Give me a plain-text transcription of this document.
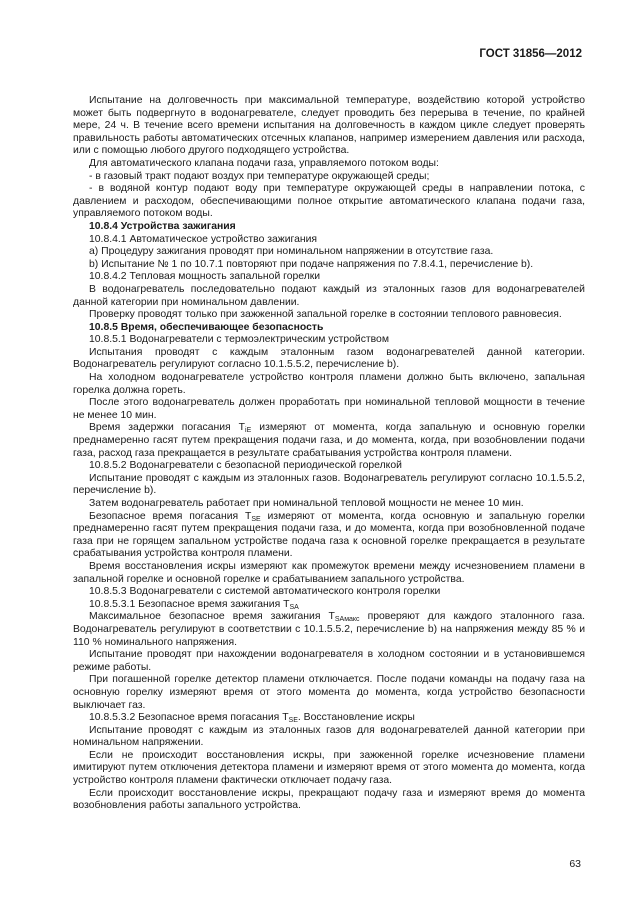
ГОСТ 31856—2012

Испытание на долговечность при максимальной температуре, воздействию которой устройство может быть подвергнуто в водонагревателе, следует проводить без перерыва в течение, по крайней мере, 24 ч. В течение всего времени испытания на долговечность в каждом цикле следует проверять правильность работы автоматических отсечных клапанов, например измерением давления или расхода, или с помощью любого другого подходящего устройства.

Для автоматического клапана подачи газа, управляемого потоком воды:

- в газовый тракт подают воздух при температуре окружающей среды;

- в водяной контур подают воду при температуре окружающей среды в направлении потока, с давлением и расходом, обеспечивающими полное открытие автоматического клапана подачи газа, управляемого потоком воды.

10.8.4 Устройства зажигания

10.8.4.1 Автоматическое устройство зажигания

а) Процедуру зажигания проводят при номинальном напряжении в отсутствие газа.

b) Испытание № 1 по 10.7.1 повторяют при подаче напряжения по 7.8.4.1, перечисление b).

10.8.4.2 Тепловая мощность запальной горелки

В водонагреватель последовательно подают каждый из эталонных газов для водонагревателей данной категории при номинальном давлении.

Проверку проводят только при зажженной запальной горелке в состоянии теплового равновесия.

10.8.5 Время, обеспечивающее безопасность

10.8.5.1 Водонагреватели с термоэлектрическим устройством

Испытания проводят с каждым эталонным газом водонагревателей данной категории. Водонагреватель регулируют согласно 10.1.5.5.2, перечисление b).

На холодном водонагревателе устройство контроля пламени должно быть включено, запальная горелка должна гореть.

После этого водонагреватель должен проработать при номинальной тепловой мощности в течение не менее 10 мин.

Время задержки погасания $T_{iE}$ измеряют от момента, когда запальную и основную горелки преднамеренно гасят путем прекращения подачи газа, и до момента, когда, при возобновлении подачи газа, расход газа прекращается в результате срабатывания устройства контроля пламени.

10.8.5.2 Водонагреватели с безопасной периодической горелкой

Испытание проводят с каждым из эталонных газов. Водонагреватель регулируют согласно 10.1.5.5.2, перечисление b).

Затем водонагреватель работает при номинальной тепловой мощности не менее 10 мин.

Безопасное время погасания $T_{SE}$ измеряют от момента, когда основную и запальную горелки преднамеренно гасят путем прекращения подачи газа, и до момента, когда при возобновленной подаче газа при не горящем запальном устройстве подача газа к основной горелке прекращается в результате срабатывания устройства контроля пламени.

Время восстановления искры измеряют как промежуток времени между исчезновением пламени в запальной горелке и основной горелке и срабатыванием запального устройства.

10.8.5.3 Водонагреватели с системой автоматического контроля горелки

10.8.5.3.1 Безопасное время зажигания $T_{SA}$

Максимальное безопасное время зажигания $T_{SAмакс}$ проверяют для каждого эталонного газа. Водонагреватель регулируют в соответствии с 10.1.5.5.2, перечисление b) на напряжения между 85 % и 110 % номинального напряжения.

Испытание проводят при нахождении водонагревателя в холодном состоянии и в установившемся режиме работы.

При погашенной горелке детектор пламени отключается. После подачи команды на подачу газа на основную горелку измеряют время от этого момента до момента, когда устройство безопасности выключает газ.

10.8.5.3.2 Безопасное время погасания $T_{SE}$. Восстановление искры

Испытание проводят с каждым из эталонных газов для водонагревателей данной категории при номинальном напряжении.

Если не происходит восстановления искры, при зажженной горелке исчезновение пламени имитируют путем отключения детектора пламени и измеряют время от этого момента до момента, когда устройство контроля пламени фактически отключает подачу газа.

Если происходит восстановление искры, прекращают подачу газа и измеряют время до момента возобновления работы запального устройства.

63
